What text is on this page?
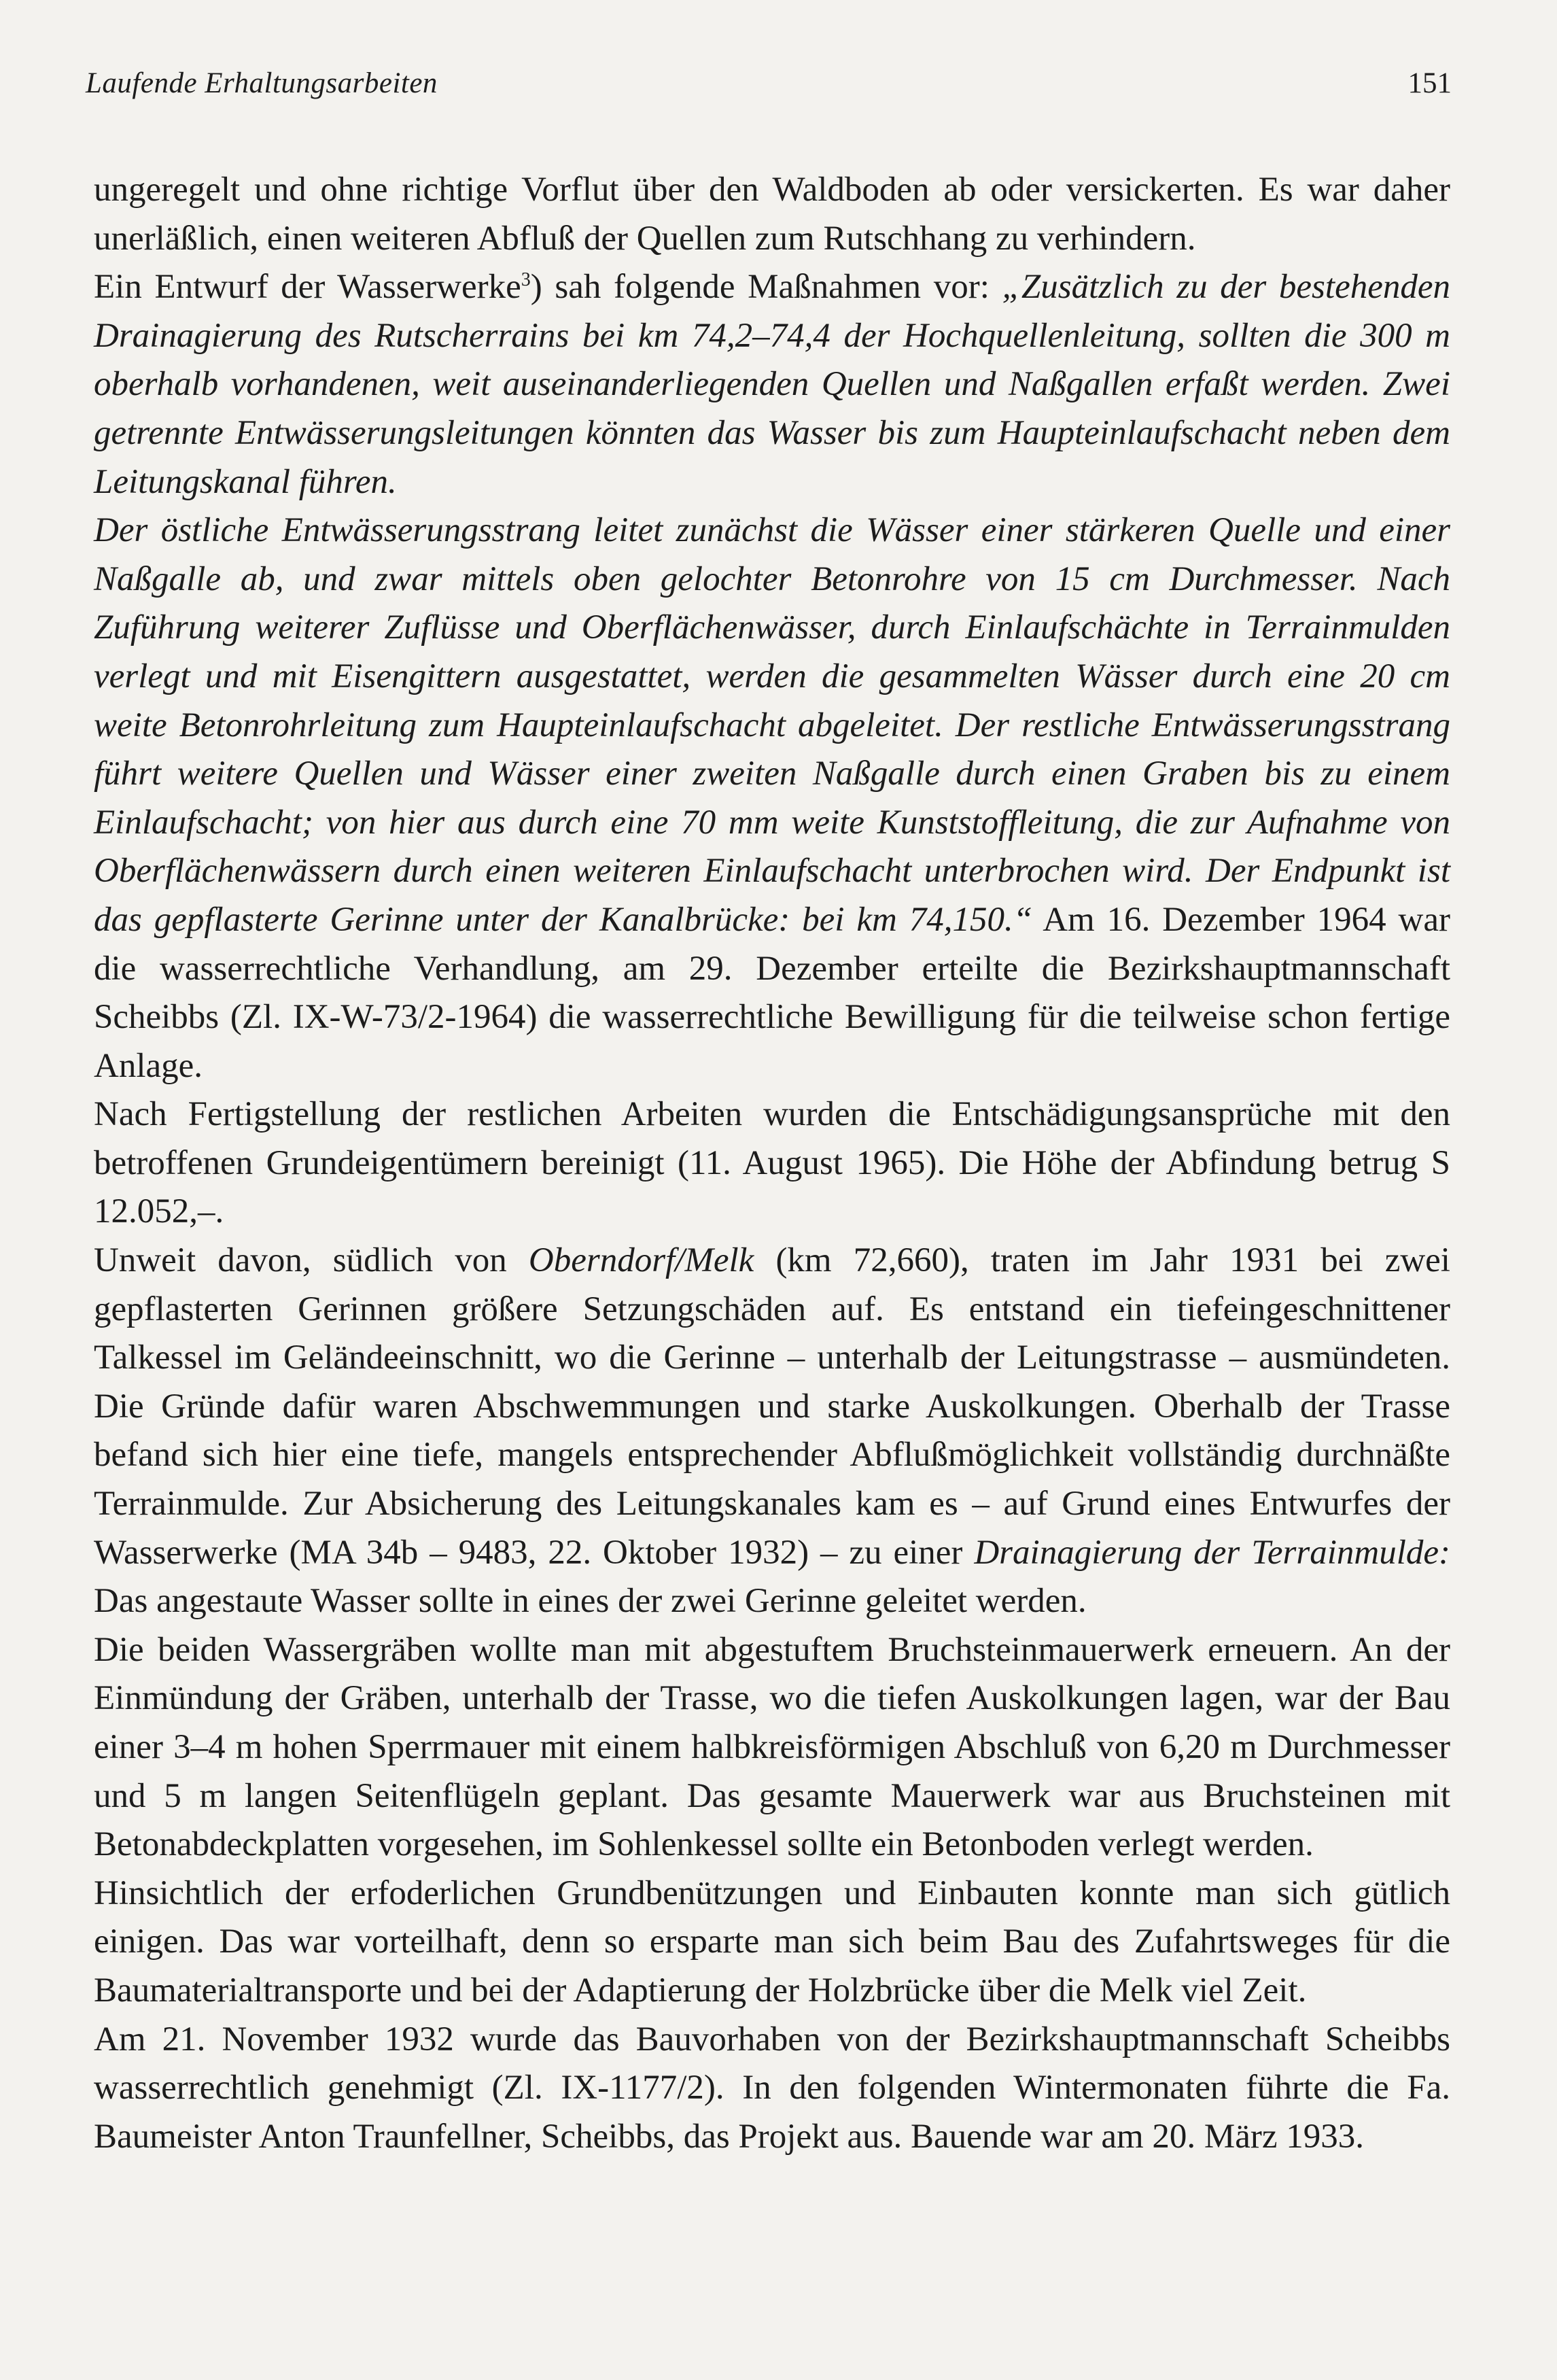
Laufende Erhaltungsarbeiten	151

ungeregelt und ohne richtige Vorflut über den Waldboden ab oder versickerten. Es war daher unerläßlich, einen weiteren Abfluß der Quellen zum Rutschhang zu verhindern.

Ein Entwurf der Wasserwerke$^3$) sah folgende Maßnahmen vor: „Zusätzlich zu der bestehenden Drainagierung des Rutscherrains bei km 74,2–74,4 der Hochquellenleitung, sollten die 300 m oberhalb vorhandenen, weit auseinanderliegenden Quellen und Naßgallen erfaßt werden. Zwei getrennte Entwässerungsleitungen könnten das Wasser bis zum Haupteinlaufschacht neben dem Leitungskanal führen.

Der östliche Entwässerungsstrang leitet zunächst die Wässer einer stärkeren Quelle und einer Naßgalle ab, und zwar mittels oben gelochter Betonrohre von 15 cm Durchmesser. Nach Zuführung weiterer Zuflüsse und Oberflächenwässer, durch Einlaufschächte in Terrainmulden verlegt und mit Eisengittern ausgestattet, werden die gesammelten Wässer durch eine 20 cm weite Betonrohrleitung zum Haupteinlaufschacht abgeleitet. Der restliche Entwässerungsstrang führt weitere Quellen und Wässer einer zweiten Naßgalle durch einen Graben bis zu einem Einlaufschacht; von hier aus durch eine 70 mm weite Kunststoffleitung, die zur Aufnahme von Oberflächenwässern durch einen weiteren Einlaufschacht unterbrochen wird. Der Endpunkt ist das gepflasterte Gerinne unter der Kanalbrücke: bei km 74,150.“ Am 16. Dezember 1964 war die wasserrechtliche Verhandlung, am 29. Dezember erteilte die Bezirkshauptmannschaft Scheibbs (Zl. IX-W-73/2-1964) die wasserrechtliche Bewilligung für die teilweise schon fertige Anlage.

Nach Fertigstellung der restlichen Arbeiten wurden die Entschädigungsansprüche mit den betroffenen Grundeigentümern bereinigt (11. August 1965). Die Höhe der Abfindung betrug S 12.052,–.

Unweit davon, südlich von Oberndorf/Melk (km 72,660), traten im Jahr 1931 bei zwei gepflasterten Gerinnen größere Setzungschäden auf. Es entstand ein tiefeingeschnittener Talkessel im Geländeeinschnitt, wo die Gerinne – unterhalb der Leitungstrasse – ausmündeten. Die Gründe dafür waren Abschwemmungen und starke Auskolkungen. Oberhalb der Trasse befand sich hier eine tiefe, mangels entsprechender Abflußmöglichkeit vollständig durchnäßte Terrainmulde. Zur Absicherung des Leitungskanales kam es – auf Grund eines Entwurfes der Wasserwerke (MA 34b – 9483, 22. Oktober 1932) – zu einer Drainagierung der Terrainmulde: Das angestaute Wasser sollte in eines der zwei Gerinne geleitet werden.

Die beiden Wassergräben wollte man mit abgestuftem Bruchsteinmauerwerk erneuern. An der Einmündung der Gräben, unterhalb der Trasse, wo die tiefen Auskolkungen lagen, war der Bau einer 3–4 m hohen Sperrmauer mit einem halbkreisförmigen Abschluß von 6,20 m Durchmesser und 5 m langen Seitenflügeln geplant. Das gesamte Mauerwerk war aus Bruchsteinen mit Betonabdeckplatten vorgesehen, im Sohlenkessel sollte ein Betonboden verlegt werden.

Hinsichtlich der erfoderlichen Grundbenützungen und Einbauten konnte man sich gütlich einigen. Das war vorteilhaft, denn so ersparte man sich beim Bau des Zufahrtsweges für die Baumaterialtransporte und bei der Adaptierung der Holzbrücke über die Melk viel Zeit.

Am 21. November 1932 wurde das Bauvorhaben von der Bezirkshauptmannschaft Scheibbs wasserrechtlich genehmigt (Zl. IX-1177/2). In den folgenden Wintermonaten führte die Fa. Baumeister Anton Traunfellner, Scheibbs, das Projekt aus. Bauende war am 20. März 1933.
